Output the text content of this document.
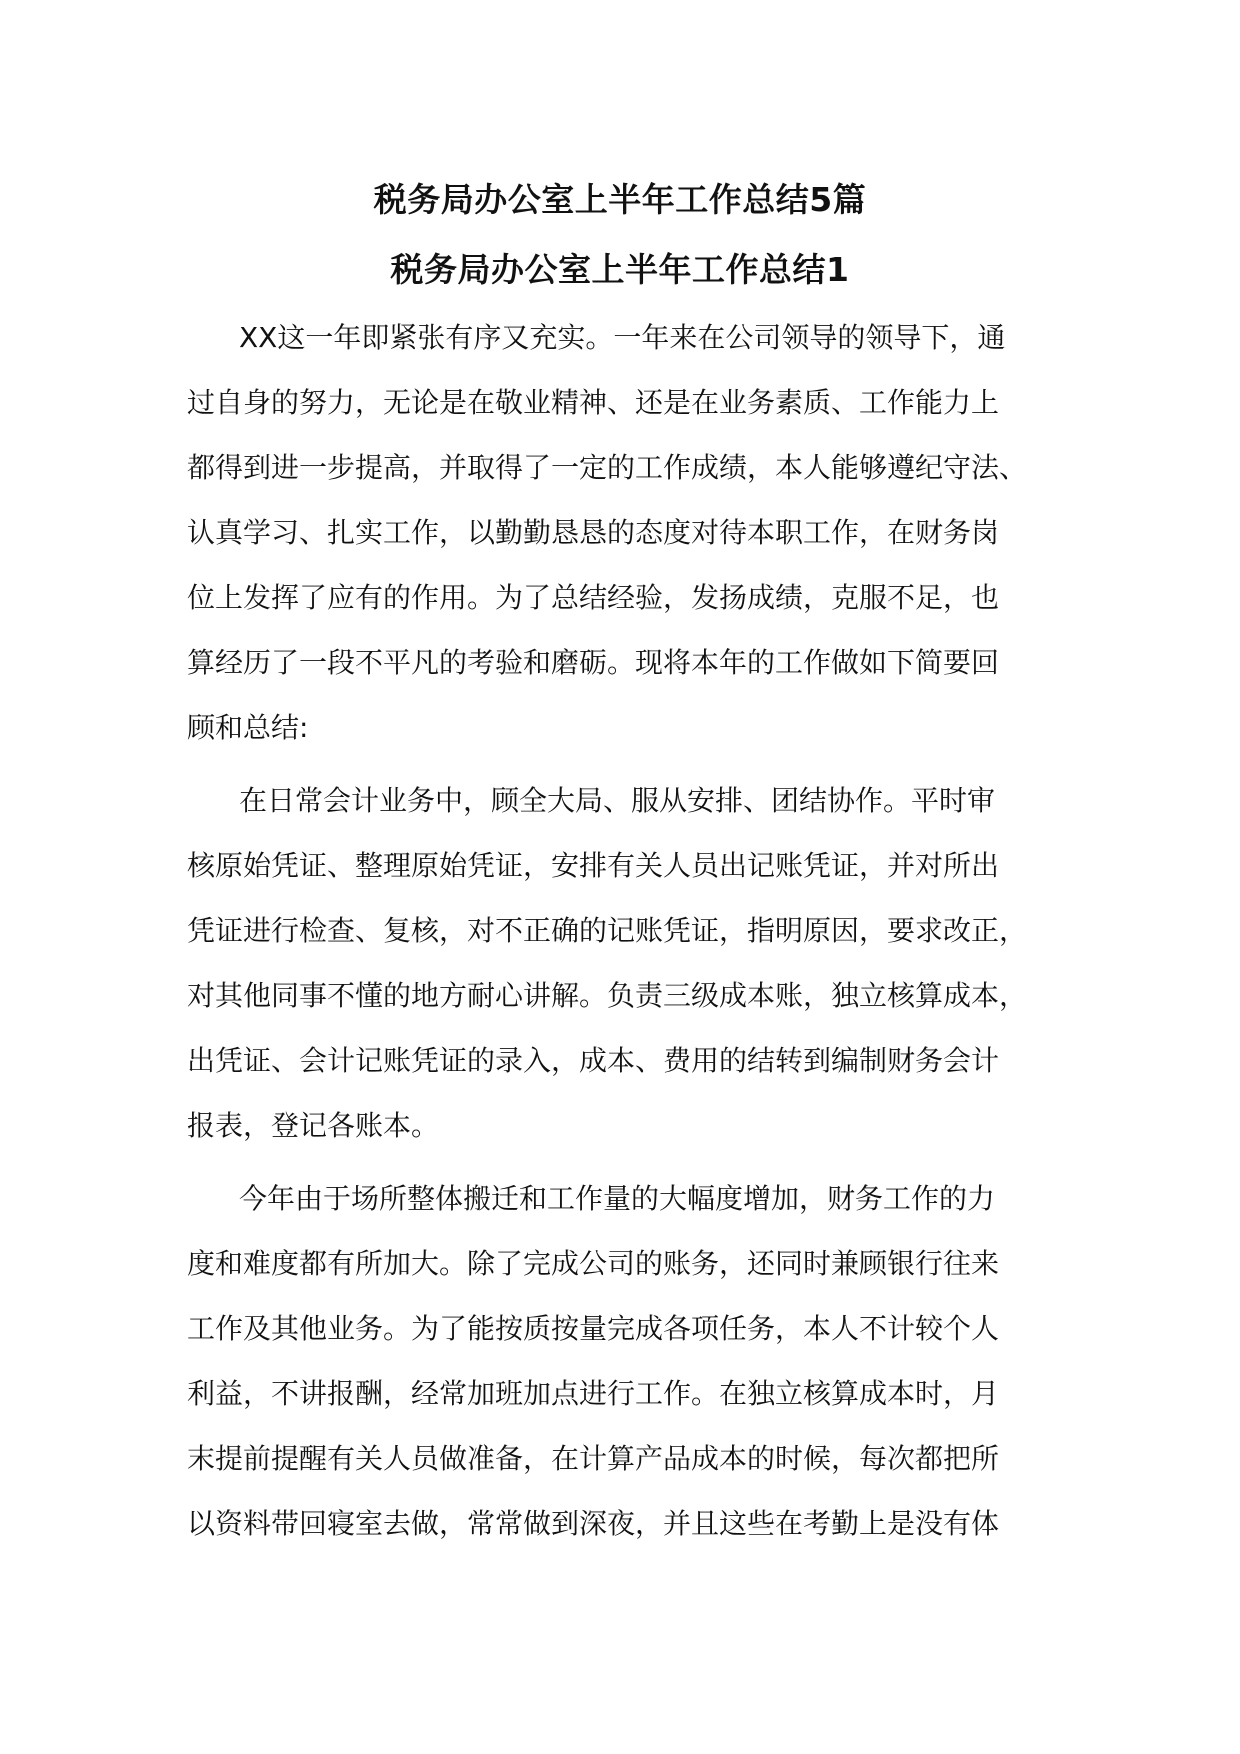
税务局办公室上半年工作总结5篇
税务局办公室上半年工作总结1
XX这一年即紧张有序又充实。一年来在公司领导的领导下，通
过自身的努力，无论是在敬业精神、还是在业务素质、工作能力上
都得到进一步提高，并取得了一定的工作成绩，本人能够遵纪守法、
认真学习、扎实工作，以勤勤恳恳的态度对待本职工作，在财务岗
位上发挥了应有的作用。为了总结经验，发扬成绩，克服不足，也
算经历了一段不平凡的考验和磨砺。现将本年的工作做如下简要回
顾和总结:
在日常会计业务中，顾全大局、服从安排、团结协作。平时审
核原始凭证、整理原始凭证，安排有关人员出记账凭证，并对所出
凭证进行检查、复核，对不正确的记账凭证，指明原因，要求改正，
对其他同事不懂的地方耐心讲解。负责三级成本账，独立核算成本，
出凭证、会计记账凭证的录入，成本、费用的结转到编制财务会计
报表，登记各账本。
今年由于场所整体搬迁和工作量的大幅度增加，财务工作的力
度和难度都有所加大。除了完成公司的账务，还同时兼顾银行往来
工作及其他业务。为了能按质按量完成各项任务，本人不计较个人
利益，不讲报酬，经常加班加点进行工作。在独立核算成本时，月
末提前提醒有关人员做准备，在计算产品成本的时候，每次都把所
以资料带回寝室去做，常常做到深夜，并且这些在考勤上是没有体
